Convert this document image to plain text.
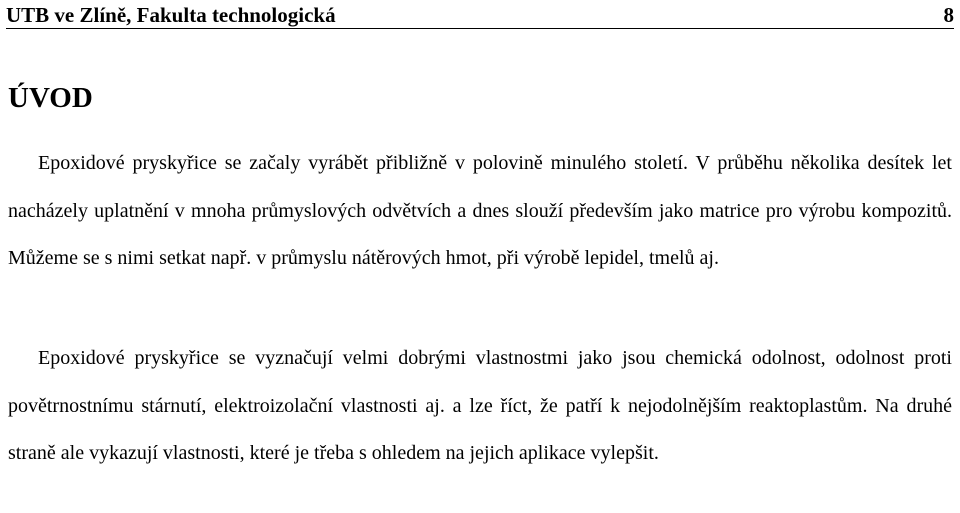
UTB ve Zlíně, Fakulta technologická	8
ÚVOD

Epoxidové pryskyřice se začaly vyrábět přibližně v polovině minulého století. V průběhu několika desítek let nacházely uplatnění v mnoha průmyslových odvětvích a dnes slouží především jako matrice pro výrobu kompozitů. Můžeme se s nimi setkat např. v průmyslu nátěrových hmot, při výrobě lepidel, tmelů aj.

Epoxidové pryskyřice se vyznačují velmi dobrými vlastnostmi jako jsou chemická odolnost, odolnost proti povětrnostnímu stárnutí, elektroizolační vlastnosti aj. a lze říct, že patří k nejodolnějším reaktoplastům. Na druhé straně ale vykazují vlastnosti, které je třeba s ohledem na jejich aplikace vylepšit.
